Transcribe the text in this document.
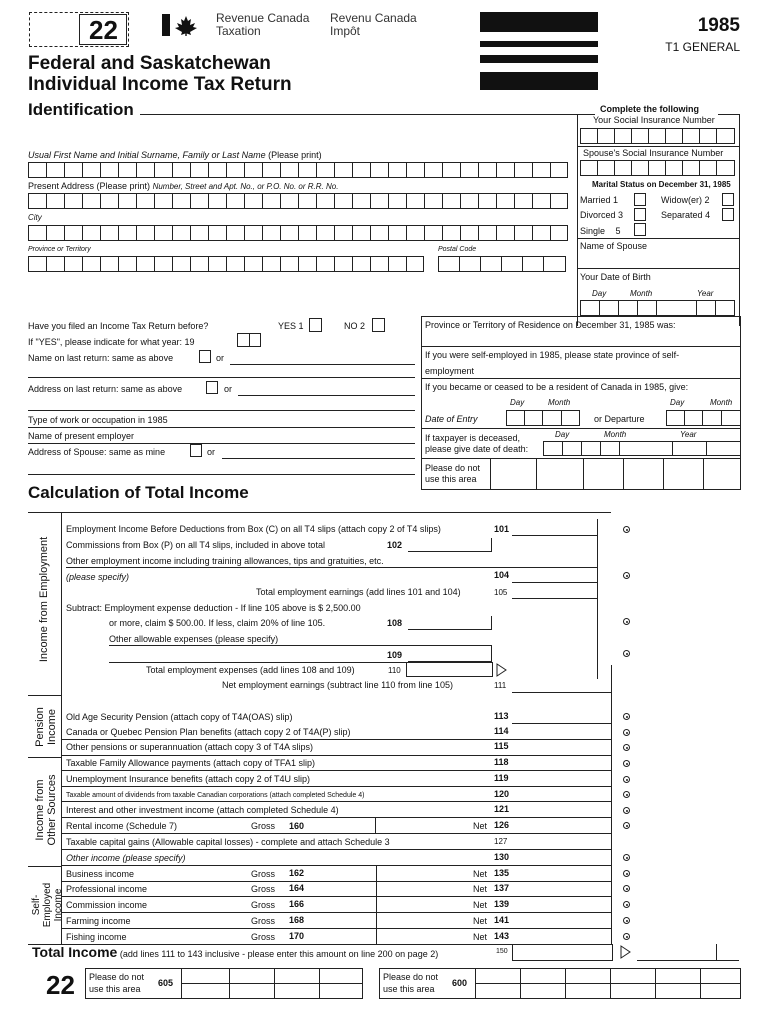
22	Revenue Canada
Taxation
Revenu Canada
Impôt	1985
T1 GENERAL
Federal and Saskatchewan
Individual Income Tax Return
Identification	Complete the following
Your Social Insurance Number
Spouse's Social Insurance Number
Marital Status on December 31, 1985
Married 1	Widow(er) 2
Divorced 3	Separated 4
Single 5
Name of Spouse
Your Date of Birth
Day	Month	Year
Usual First Name and Initial Surname, Family or Last Name (Please print)
Present Address (Please print) Number, Street and Apt. No., or P.O. No. or R.R. No.
City
Province or Territory	Postal Code
Have you filed an Income Tax Return before?	YES 1	NO 2
If "YES", please indicate for what year: 19
Name on last return: same as above	or
Address on last return: same as above	or
Type of work or occupation in 1985
Name of present employer
Address of Spouse: same as mine	or
Province or Territory of Residence on December 31, 1985 was:
If you were self-employed in 1985, please state province of self-
employment
If you became or ceased to be a resident of Canada in 1985, give:
Day	Month	Day	Month
Date of Entry	or Departure
If taxpayer is deceased,	Day	Month	Year
please give date of death:
Please do not
use this area
Calculation of Total Income
Income from Employment
Pension Income
Income from Other Sources
Self- Employed Income
Employment Income Before Deductions from Box (C) on all T4 slips (attach copy 2 of T4 slips)	101
Commissions from Box (P) on all T4 slips, included in above total	102
Other employment income including training allowances, tips and gratuities, etc.
(please specify)	104
Total employment earnings (add lines 101 and 104)	105
Subtract: Employment expense deduction - If line 105 above is $ 2,500.00
or more, claim $ 500.00. If less, claim 20% of line 105.	108
Other allowable expenses (please specify)
109
Total employment expenses (add lines 108 and 109)	110
Net employment earnings (subtract line 110 from line 105)	111
Old Age Security Pension (attach copy of T4A(OAS) slip)	113
Canada or Quebec Pension Plan benefits (attach copy 2 of T4A(P) slip)	114
Other pensions or superannuation (attach copy 3 of T4A slips)	115
Taxable Family Allowance payments (attach copy of TFA1 slip)	118
Unemployment Insurance benefits (attach copy 2 of T4U slip)	119
Taxable amount of dividends from taxable Canadian corporations (attach completed Schedule 4)	120
Interest and other investment income (attach completed Schedule 4)	121
Rental income (Schedule 7)	Gross 160	Net 126
Taxable capital gains (Allowable capital losses) - complete and attach Schedule 3	127
Other income (please specify)	130
Business income	Gross 162	Net 135
Professional income	Gross 164	Net 137
Commission income	Gross 166	Net 139
Farming income	Gross 168	Net 141
Fishing income	Gross 170	Net 143
Total Income (add lines 111 to 143 inclusive - please enter this amount on line 200 on page 2)	150
22 Please do not
use this area
605
Please do not
use this area
600
